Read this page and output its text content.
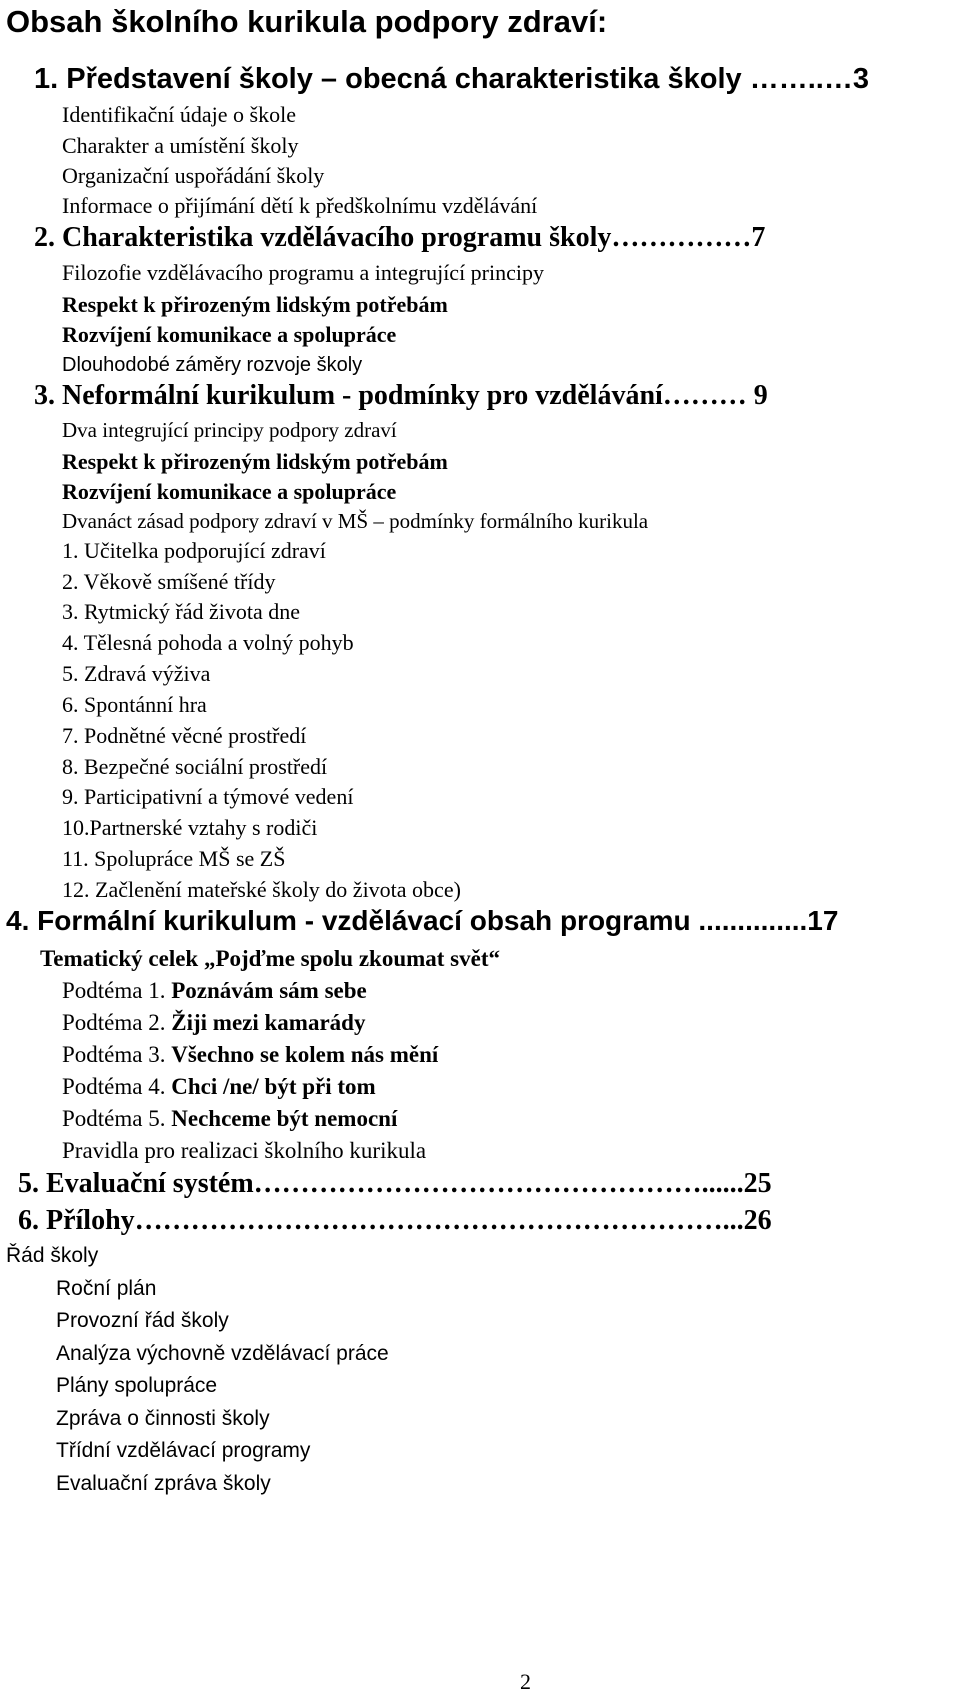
Obsah školního kurikula podpory zdraví:
1. Představení školy – obecná charakteristika školy ……..…3
Identifikační údaje o škole
Charakter a umístění školy
Organizační uspořádání školy
Informace o přijímání dětí k předškolnímu vzdělávání
2. Charakteristika vzdělávacího programu školy……………7
Filozofie vzdělávacího programu a integrující principy
Respekt k přirozeným lidským potřebám
Rozvíjení komunikace a spolupráce
Dlouhodobé záměry rozvoje školy
3. Neformální kurikulum - podmínky pro vzdělávání……… 9
Dva integrující principy podpory zdraví
Respekt k přirozeným lidským potřebám
Rozvíjení komunikace a spolupráce
Dvanáct zásad podpory zdraví v MŠ – podmínky formálního kurikula
1. Učitelka podporující zdraví
2. Věkově smíšené třídy
3. Rytmický řád života dne
4. Tělesná pohoda a volný pohyb
5. Zdravá výživa
6. Spontánní hra
7. Podnětné věcné prostředí
8. Bezpečné sociální prostředí
9. Participativní a týmové vedení
10.Partnerské vztahy s rodiči
11. Spolupráce MŠ se ZŠ
12. Začlenění mateřské školy do života obce)
4. Formální kurikulum - vzdělávací obsah programu ..............17
Tematický celek „Pojďme spolu zkoumat svět“
Podtéma 1. Poznávám sám sebe
Podtéma 2. Žiji mezi kamarády
Podtéma 3. Všechno se kolem nás mění
Podtéma 4. Chci /ne/ být při tom
Podtéma 5. Nechceme být nemocní
Pravidla pro realizaci školního kurikula
5. Evaluační systém…………………………………………......25
6. Přílohy………………………………………………………...26
Řád školy
Roční plán
Provozní řád školy
Analýza výchovně vzdělávací práce
Plány spolupráce
Zpráva o činnosti školy
Třídní vzdělávací programy
Evaluační zpráva školy
2
